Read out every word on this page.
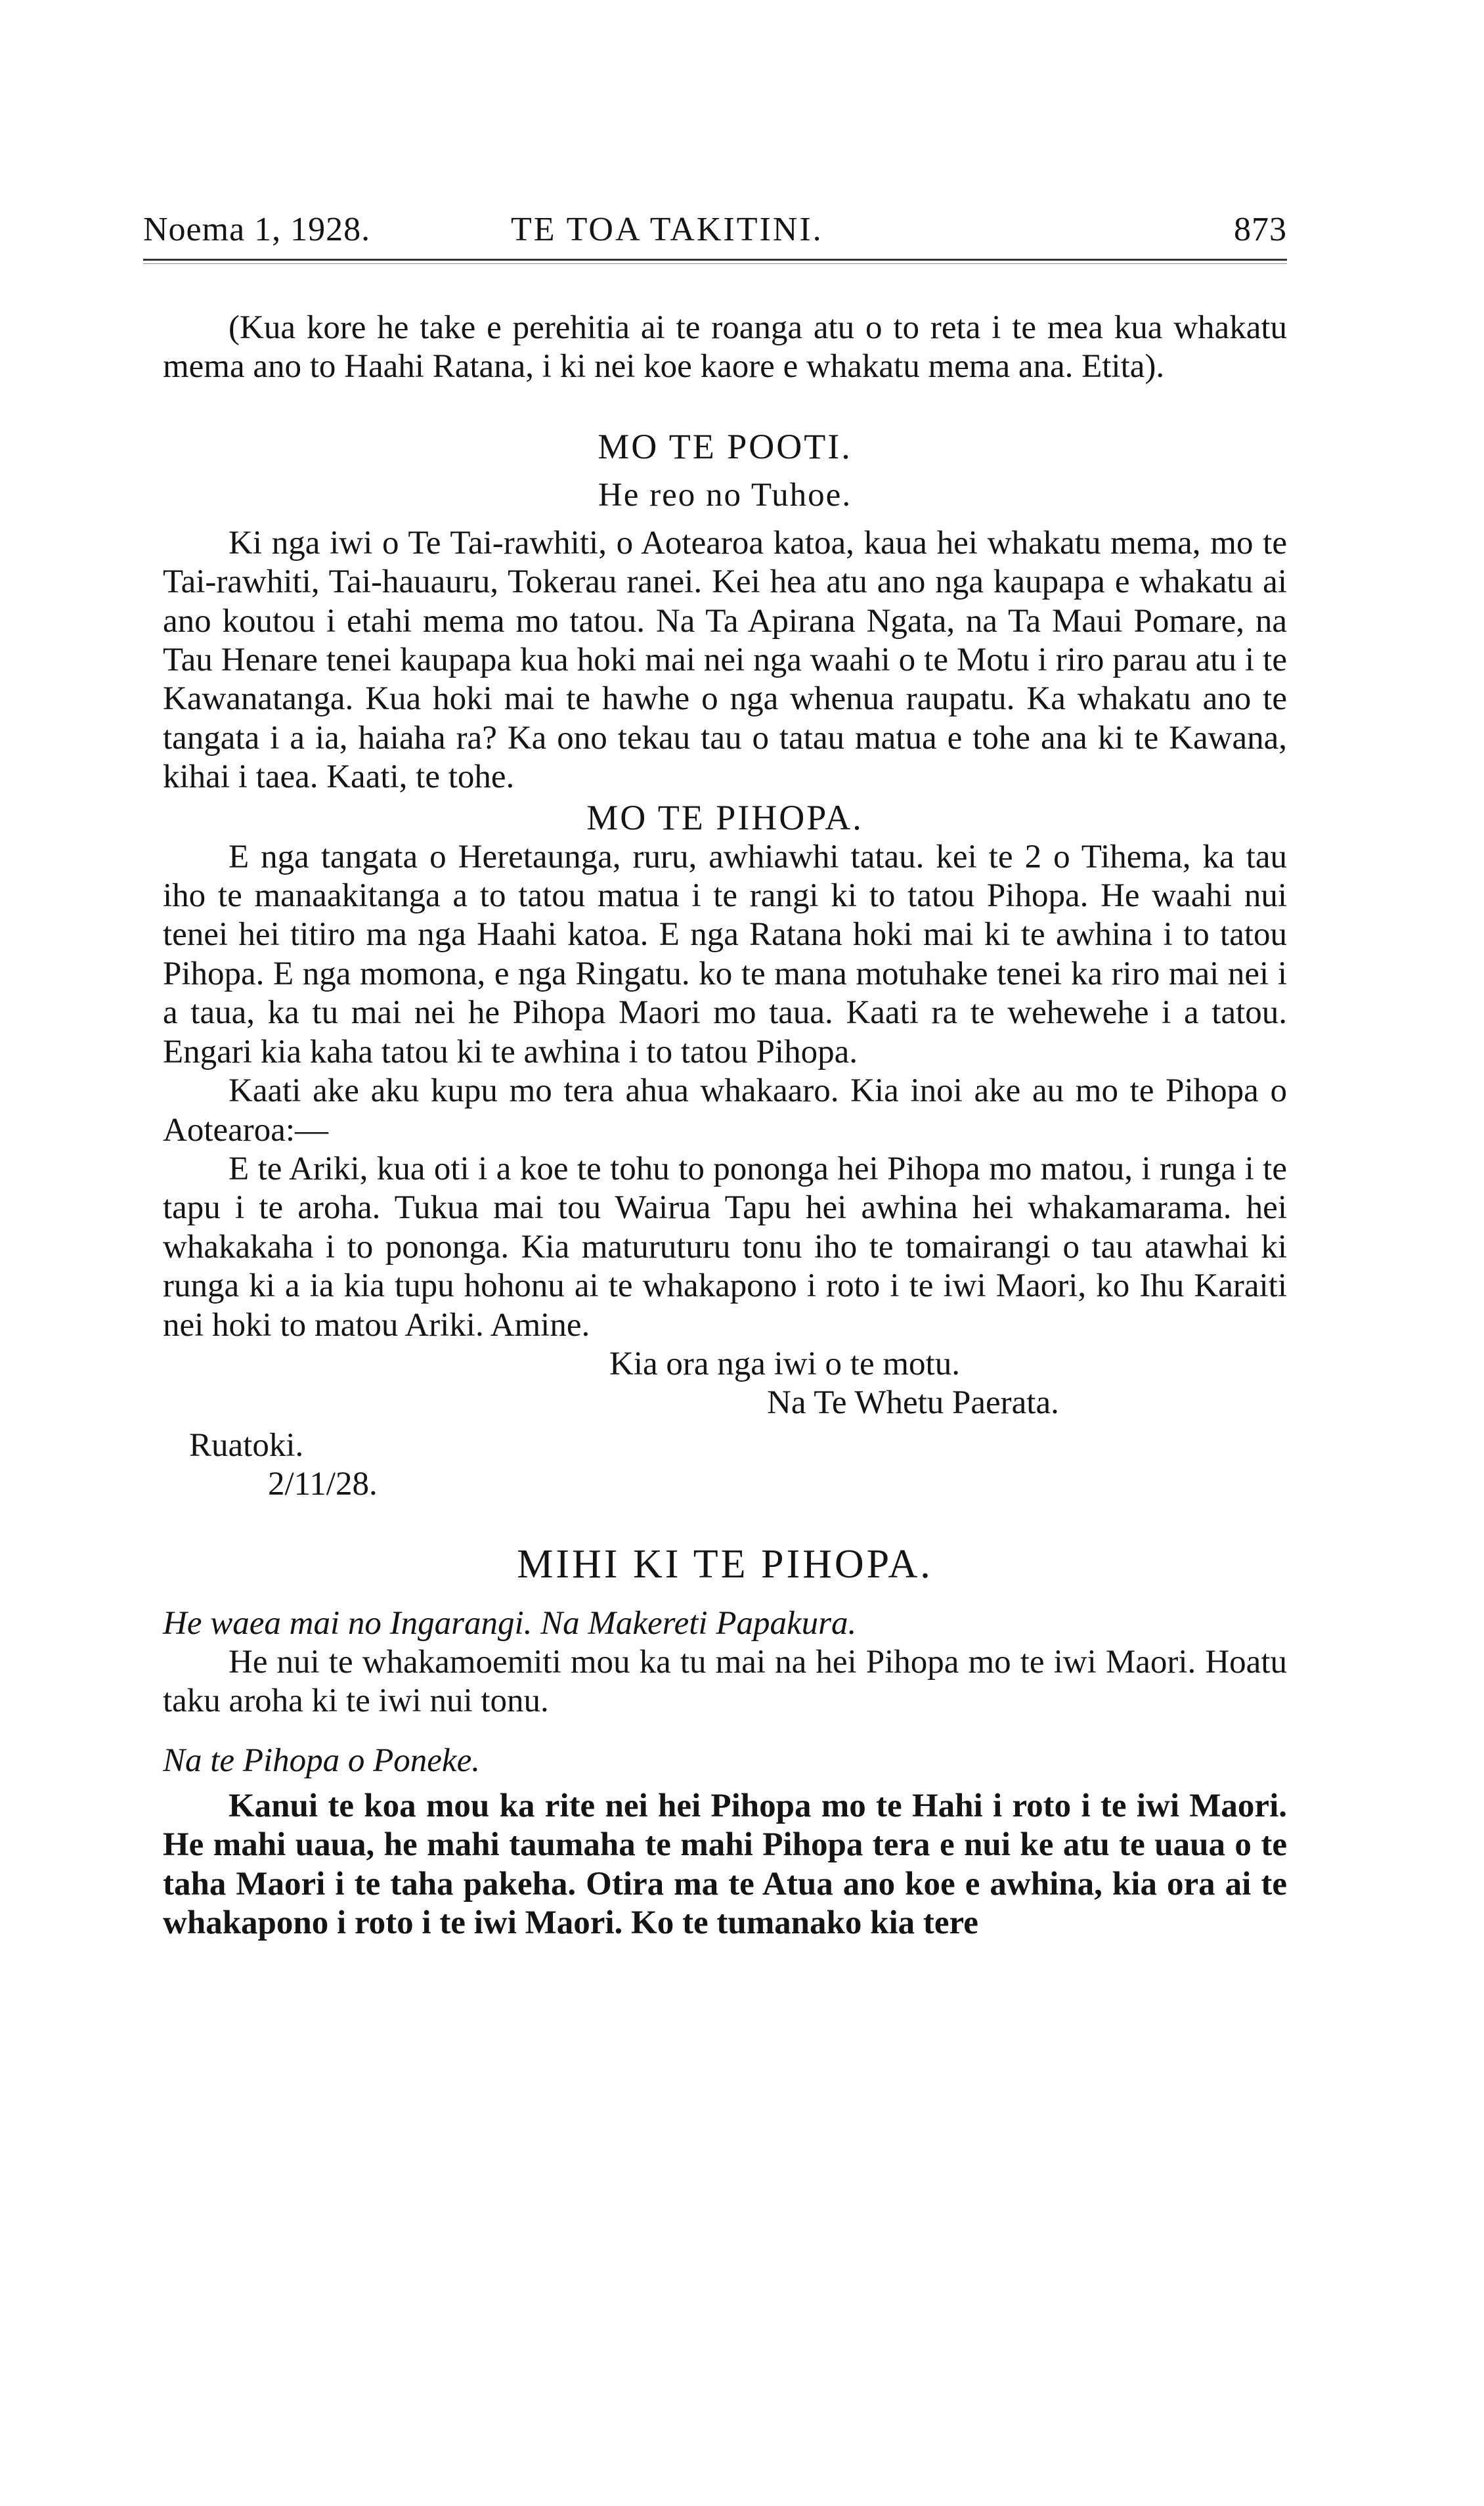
Noema 1, 1928.	TE TOA TAKITINI.	873

(Kua kore he take e perehitia ai te roanga atu o to reta i te mea kua whakatu mema ano to Haahi Ratana, i ki nei koe kaore e whakatu mema ana. Etita).

MO TE POOTI.

He reo no Tuhoe.

Ki nga iwi o Te Tai-rawhiti, o Aotearoa katoa, kaua hei whakatu mema, mo te Tai-rawhiti, Tai-hauauru, Tokerau ranei. Kei hea atu ano nga kaupapa e whakatu ai ano koutou i etahi mema mo tatou. Na Ta Apirana Ngata, na Ta Maui Pomare, na Tau Henare tenei kaupapa kua hoki mai nei nga waahi o te Motu i riro parau atu i te Kawanatanga. Kua hoki mai te hawhe o nga whenua raupatu. Ka whakatu ano te tangata i a ia, haiaha ra? Ka ono tekau tau o tatau matua e tohe ana ki te Kawana, kihai i taea. Kaati, te tohe.

MO TE PIHOPA.

E nga tangata o Heretaunga, ruru, awhiawhi tatau. kei te 2 o Tihema, ka tau iho te manaakitanga a to tatou matua i te rangi ki to tatou Pihopa. He waahi nui tenei hei titiro ma nga Haahi katoa. E nga Ratana hoki mai ki te awhina i to tatou Pihopa. E nga momona, e nga Ringatu. ko te mana motuhake tenei ka riro mai nei i a taua, ka tu mai nei he Pihopa Maori mo taua. Kaati ra te wehewehe i a tatou. Engari kia kaha tatou ki te awhina i to tatou Pihopa.

Kaati ake aku kupu mo tera ahua whakaaro. Kia inoi ake au mo te Pihopa o Aotearoa:—

E te Ariki, kua oti i a koe te tohu to pononga hei Pihopa mo matou, i runga i te tapu i te aroha. Tukua mai tou Wairua Tapu hei awhina hei whakamarama. hei whakakaha i to pononga. Kia maturuturu tonu iho te tomairangi o tau atawhai ki runga ki a ia kia tupu hohonu ai te whakapono i roto i te iwi Maori, ko Ihu Karaiti nei hoki to matou Ariki. Amine.

Kia ora nga iwi o te motu.

Na Te Whetu Paerata.

Ruatoki.

2/11/28.

MIHI KI TE PIHOPA.

He waea mai no Ingarangi. Na Makereti Papakura.

He nui te whakamoemiti mou ka tu mai na hei Pihopa mo te iwi Maori. Hoatu taku aroha ki te iwi nui tonu.

Na te Pihopa o Poneke.

Kanui te koa mou ka rite nei hei Pihopa mo te Hahi i roto i te iwi Maori. He mahi uaua, he mahi taumaha te mahi Pihopa tera e nui ke atu te uaua o te taha Maori i te taha pakeha. Otira ma te Atua ano koe e awhina, kia ora ai te whakapono i roto i te iwi Maori. Ko te tumanako kia tere
